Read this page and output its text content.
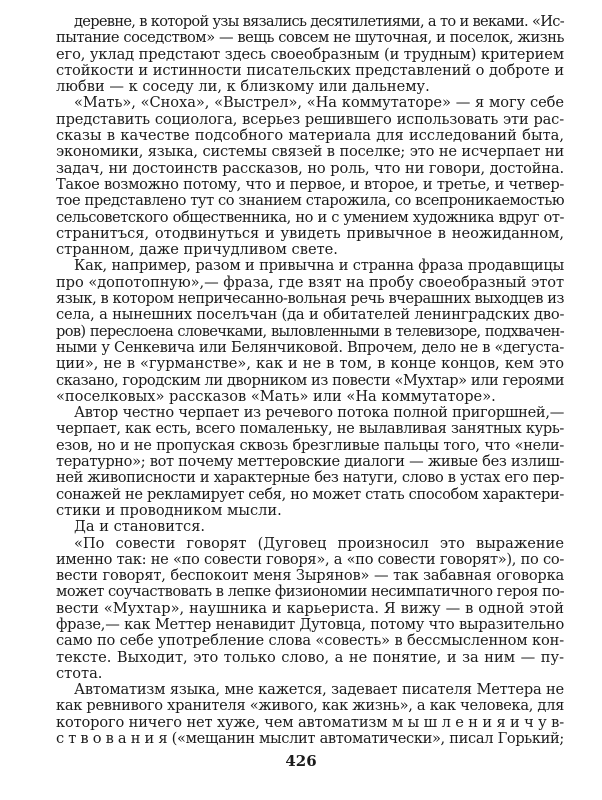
деревне, в которой узы вязались десятилетиями, а то и веками. «Ис-
пытание соседством» — вещь совсем не шуточная, и поселок, жизнь
его, уклад предстают здесь своеобразным (и трудным) критерием
стойкости и истинности писательских представлений о доброте и
любви — к соседу ли, к близкому или дальнему.
«Мать», «Сноха», «Выстрел», «На коммутаторе» — я могу себе
представить социолога, всерьез решившего использовать эти рас-
сказы в качестве подсобного материала для исследований быта,
экономики, языка, системы связей в поселке; это не исчерпает ни
задач, ни достоинств рассказов, но роль, что ни говори, достойна.
Такое возможно потому, что и первое, и второе, и третье, и четвер-
тое представлено тут со знанием старожила, со всепроникаемостью
сельсоветского общественника, но и с умением художника вдруг от-
странитъся, отодвинуться и увидеть привычное в неожиданном,
странном, даже причудливом свете.
Как, например, разом и привычна и странна фраза продавщицы
про «допотопную»,— фраза, где взят на пробу своеобразный этот
язык, в котором непричесанно-вольная речь вчерашних выходцев из
села, а нынешних поселъчан (да и обитателей ленинградских дво-
ров) переслоена словечками, выловленными в телевизоре, подхвачен-
ными у Сенкевича или Белянчиковой. Впрочем, дело не в «дегуста-
ции», не в «гурманстве», как и не в том, в конце концов, кем это
сказано, городским ли дворником из повести «Мухтар» или героями
«поселковых» рассказов «Мать» или «На коммутаторе».
Автор честно черпает из речевого потока полной пригоршней,—
черпает, как есть, всего помаленьку, не вылавливая занятных курь-
езов, но и не пропуская сквозь брезгливые пальцы того, что «нели-
тературно»; вот почему меттеровские диалоги — живые без излиш-
ней живописности и характерные без натуги, слово в устах его пер-
сонажей не рекламирует себя, но может стать способом характери-
стики и проводником мысли.
Да и становится.
«По совести говорят (Дуговец произносил это выражение
именно так: не «по совести говоря», а «по совести говорят»), по со-
вести говорят, беспокоит меня Зырянов» — так забавная оговорка
может соучаствовать в лепке физиономии несимпатичного героя по-
вести «Мухтар», наушника и карьериста. Я вижу — в одной этой
фразе,— как Меттер ненавидит Дутовца, потому что выразительно
само по себе употребление слова «совесть» в бессмысленном кон-
тексте. Выходит, это только слово, а не понятие, и за ним — пу-
стота.
Автоматизм языка, мне кажется, задевает писателя Меттера не
как ревнивого хранителя «живого, как жизнь», а как человека, для
которого ничего нет хуже, чем автоматизм м ы ш л е н и я и ч у в-
с т в о в а н и я («мещанин мыслит автоматически», писал Горький;
426
